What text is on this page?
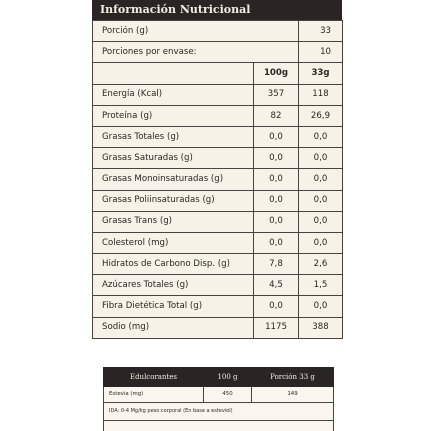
Información Nutricional
Porción (g)		33
Porciones por envase:		10
	100g	33g
Energía (Kcal)	357	118
Proteína (g)	82	26,9
Grasas Totales (g)	0,0	0,0
Grasas Saturadas (g)	0,0	0,0
Grasas Monoinsaturadas (g)	0,0	0,0
Grasas Poliinsaturadas (g)	0,0	0,0
Grasas Trans (g)	0,0	0,0
Colesterol (mg)	0,0	0,0
Hidratos de Carbono Disp. (g)	7,8	2,6
Azúcares Totales (g)	4,5	1,5
Fibra Dietética Total (g)	0,0	0,0
Sodio (mg)	1175	388
Edulcorantes	100 g	Porción 33 g
Estevia (mg)	450	149
IDA: 0-4 Mg/kg peso corporal (En base a esteviol)		
